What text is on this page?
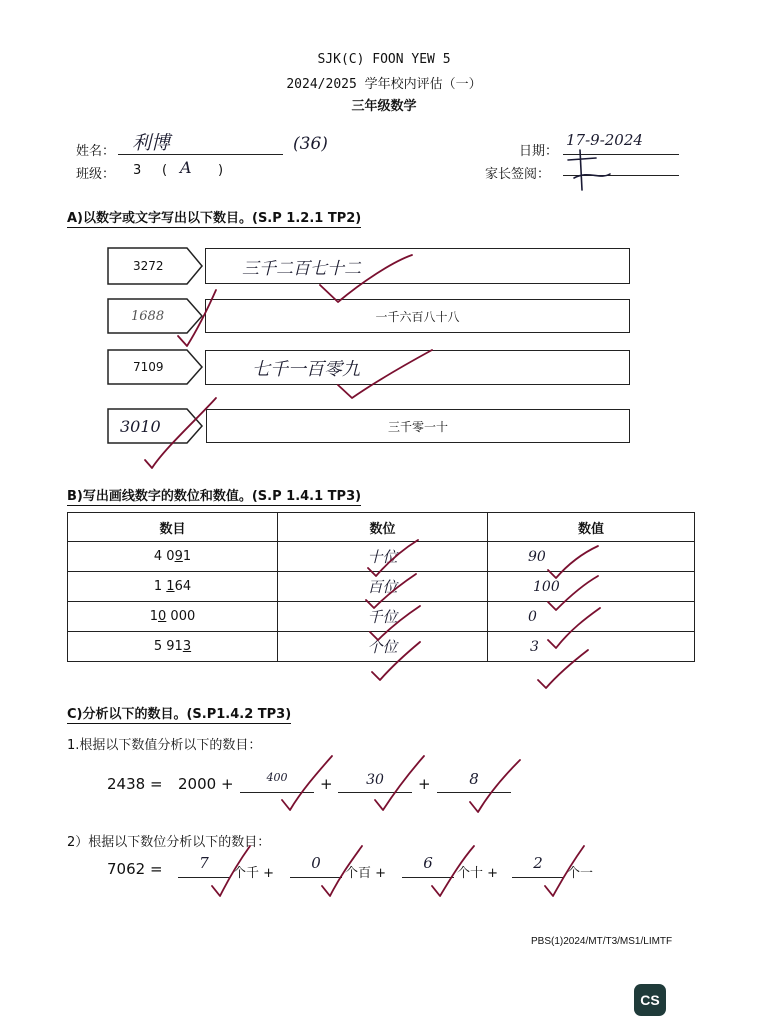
SJK(C) FOON YEW 5
2024/2025 学年校内评估（一）
三年级数学
姓名： 利博	(36)
班级： 3 ( A )
日期：
17-9-2024
家长签阅：
A)以数字或文字写出以下数目。(S.P 1.2.1 TP2)
3272	三千二百七十二
1688	一千六百八十八
7109	七千一百零九
3010	三千零一十
B)写出画线数字的数位和数值。(S.P 1.4.1 TP3)
数目	数位	数值
4 091	十位	90
1 164	百位	100
10 000	千位	0
5 913	个位	3
C)分析以下的数目。(S.P1.4.2 TP3)
1.根据以下数值分析以下的数目：
2438 = 2000 +	$^{400}$	+	30	+	8
2）根据以下数位分析以下的数目：
7062 =	7
个千 +
0
个百 +
6
个十 +
2
个一
PBS(1)2024/MT/T3/MS1/LIMTF
CS
